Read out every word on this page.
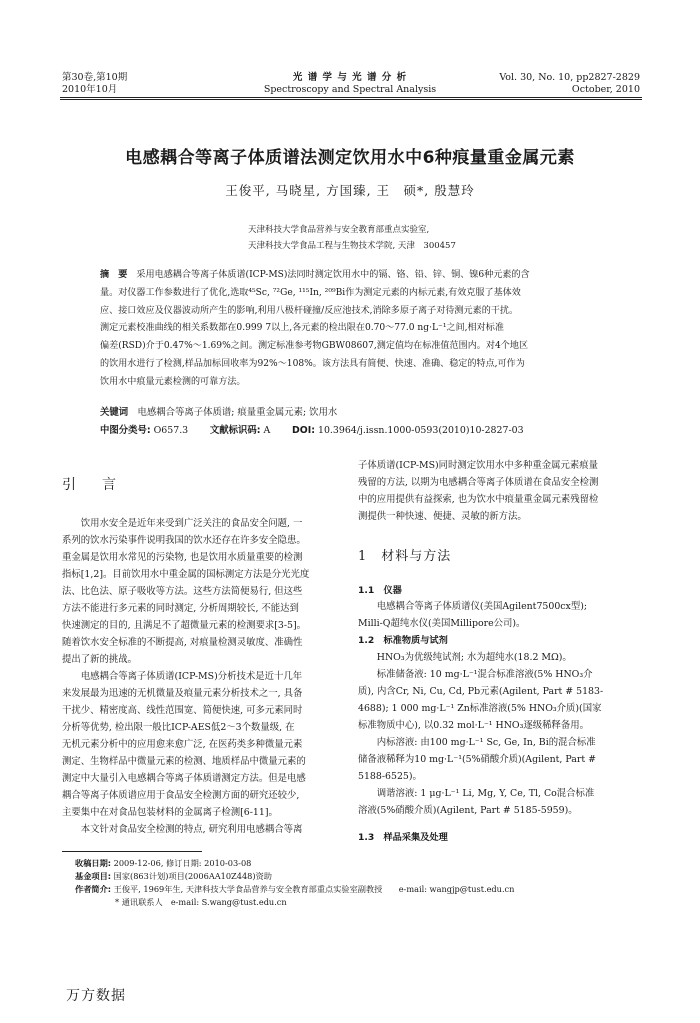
第30卷,第10期
2010年10月
光 谱 学 与 光 谱 分 析
Spectroscopy and Spectral Analysis
Vol. 30, No. 10, pp2827-2829
October, 2010
电感耦合等离子体质谱法测定饮用水中6种痕量重金属元素
王俊平, 马晓星, 方国臻, 王　硕*, 殷慧玲
天津科技大学食品营养与安全教育部重点实验室,
天津科技大学食品工程与生物技术学院, 天津　300457
摘　要　 采用电感耦合等离子体质谱(ICP-MS)法同时测定饮用水中的镉、铬、铅、锌、铜、镍6种元素的含
量。对仪器工作参数进行了优化,选取⁴⁵Sc, ⁷²Ge, ¹¹⁵In, ²⁰⁹Bi作为测定元素的内标元素,有效克服了基体效
应、接口效应及仪器波动所产生的影响,利用八极杆碰撞/反应池技术,消除多原子离子对待测元素的干扰。
测定元素校准曲线的相关系数都在0.999 7以上,各元素的检出限在0.70～77.0 ng·L⁻¹之间,相对标准
偏差(RSD)介于0.47%～1.69%之间。测定标准参考物GBW08607,测定值均在标准值范围内。对4个地区
的饮用水进行了检测,样品加标回收率为92%～108%。该方法具有简便、快速、准确、稳定的特点,可作为
饮用水中痕量元素检测的可靠方法。
关键词　 电感耦合等离子体质谱; 痕量重金属元素; 饮用水
中图分类号: O657.3 　　 文献标识码: A 　　 DOI: 10.3964/j.issn.1000-0593(2010)10-2827-03
引　言
饮用水安全是近年来受到广泛关注的食品安全问题, 一
系列的饮水污染事件说明我国的饮水还存在许多安全隐患。
重金属是饮用水常见的污染物, 也是饮用水质量重要的检测
指标[1,2]。目前饮用水中重金属的国标测定方法是分光光度
法、比色法、原子吸收等方法。这些方法简便易行, 但这些
方法不能进行多元素的同时测定, 分析周期较长, 不能达到
快速测定的目的, 且满足不了超微量元素的检测要求[3-5]。
随着饮水安全标准的不断提高, 对痕量检测灵敏度、准确性
提出了新的挑战。
电感耦合等离子体质谱(ICP-MS)分析技术是近十几年
来发展最为迅速的无机微量及痕量元素分析技术之一, 具备
干扰少、精密度高、线性范围宽、简便快速, 可多元素同时
分析等优势, 检出限一般比ICP-AES低2～3个数量级, 在
无机元素分析中的应用愈来愈广泛, 在医药类多种微量元素
测定、生物样品中微量元素的检测、地质样品中微量元素的
测定中大量引入电感耦合等离子体质谱测定方法。但是电感
耦合等离子体质谱应用于食品安全检测方面的研究还较少,
主要集中在对食品包装材料的金属离子检测[6-11]。
本文针对食品安全检测的特点, 研究利用电感耦合等离
子体质谱(ICP-MS)同时测定饮用水中多种重金属元素痕量
残留的方法, 以期为电感耦合等离子体质谱在食品安全检测
中的应用提供有益探索, 也为饮水中痕量重金属元素残留检
测提供一种快速、便捷、灵敏的新方法。
1　材料与方法
1.1　仪器
电感耦合等离子体质谱仪(美国Agilent7500cx型);
Milli-Q超纯水仪(美国Millipore公司)。
1.2　标准物质与试剂
HNO₃为优级纯试剂; 水为超纯水(18.2 MΩ)。
标准储备液: 10 mg·L⁻¹混合标准溶液(5% HNO₃介
质), 内含Cr, Ni, Cu, Cd, Pb元素(Agilent, Part # 5183-
4688); 1 000 mg·L⁻¹ Zn标准溶液(5% HNO₃介质)(国家
标准物质中心), 以0.32 mol·L⁻¹ HNO₃逐级稀释备用。
内标溶液: 由100 mg·L⁻¹ Sc, Ge, In, Bi的混合标准
储备液稀释为10 mg·L⁻¹(5%硝酸介质)(Agilent, Part #
5188-6525)。
调谐溶液: 1 μg·L⁻¹ Li, Mg, Y, Ce, Tl, Co混合标准
溶液(5%硝酸介质)(Agilent, Part # 5185-5959)。
1.3　样品采集及处理
收稿日期: 2009-12-06, 修订日期: 2010-03-08
基金项目: 国家(863计划)项目(2006AA10Z448)资助
作者简介: 王俊平, 1969年生, 天津科技大学食品营养与安全教育部重点实验室副教授　　e-mail: wangjp@tust.edu.cn
* 通讯联系人　e-mail: S.wang@tust.edu.cn
万方数据
